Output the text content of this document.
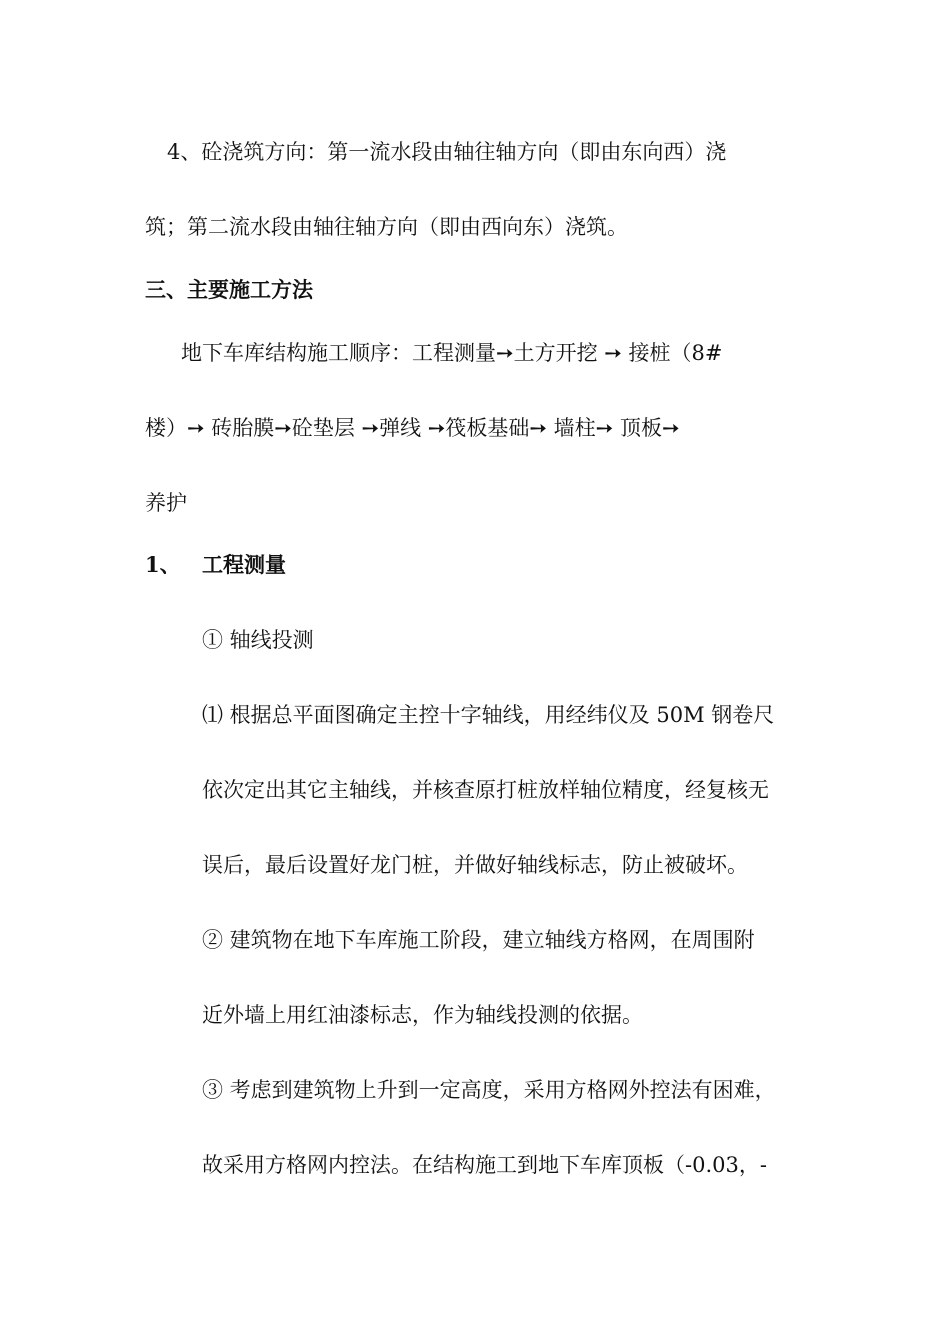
4、砼浇筑方向：第一流水段由轴往轴方向（即由东向西）浇
筑；第二流水段由轴往轴方向（即由西向东）浇筑。
三、主要施工方法
地下车库结构施工顺序：工程测量➙土方开挖 ➙ 接桩（8#
楼）➙ 砖胎膜➙砼垫层 ➙弹线 ➙筏板基础➙ 墙柱➙ 顶板➙
养护
1、 工程测量
① 轴线投测
⑴ 根据总平面图确定主控十字轴线，用经纬仪及 50M 钢卷尺
依次定出其它主轴线，并核查原打桩放样轴位精度，经复核无
误后，最后设置好龙门桩，并做好轴线标志，防止被破坏。
② 建筑物在地下车库施工阶段，建立轴线方格网，在周围附
近外墙上用红油漆标志，作为轴线投测的依据。
③ 考虑到建筑物上升到一定高度，采用方格网外控法有困难，
故采用方格网内控法。在结构施工到地下车库顶板（-0.03，-
